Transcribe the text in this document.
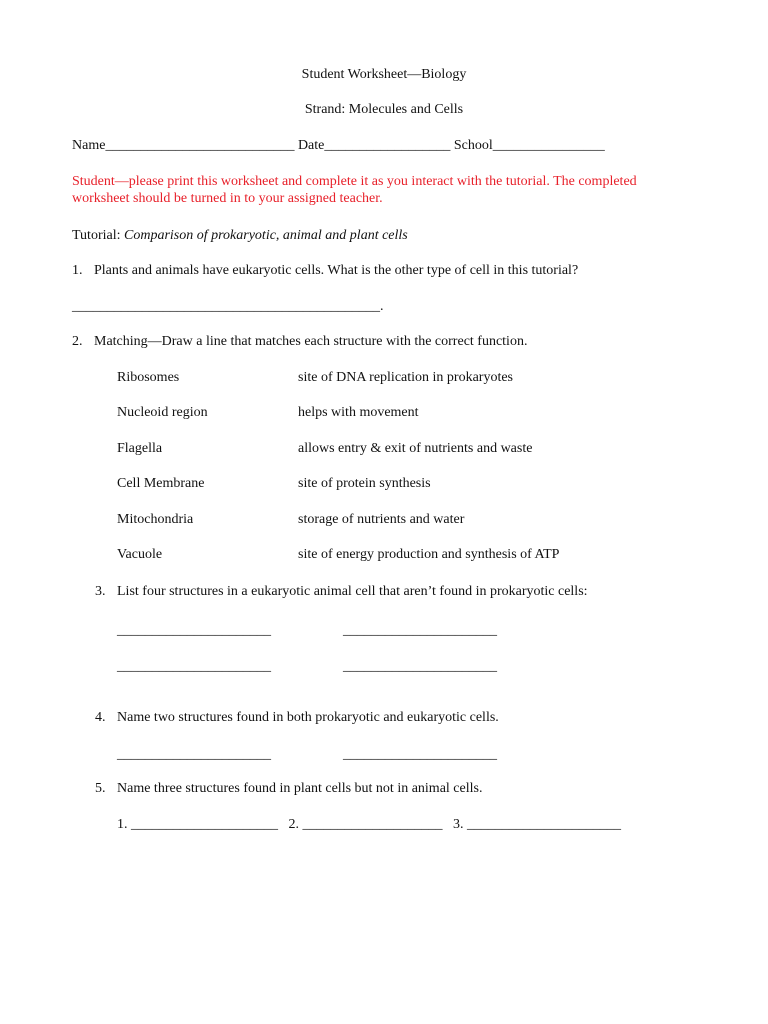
Student Worksheet—Biology
Strand: Molecules and Cells
Name___________________________ Date__________________ School________________
Student—please print this worksheet and complete it as you interact with the tutorial. The completed
worksheet should be turned in to your assigned teacher.
Tutorial: Comparison of prokaryotic, animal and plant cells
1. Plants and animals have eukaryotic cells. What is the other type of cell in this tutorial?
____________________________________________.
2. Matching—Draw a line that matches each structure with the correct function.
Ribosomes	site of DNA replication in prokaryotes
Nucleoid region	helps with movement
Flagella	allows entry & exit of nutrients and waste
Cell Membrane	site of protein synthesis
Mitochondria	storage of nutrients and water
Vacuole	site of energy production and synthesis of ATP
3. List four structures in a eukaryotic animal cell that aren’t found in prokaryotic cells:
______________________	______________________
______________________	______________________
4. Name two structures found in both prokaryotic and eukaryotic cells.
______________________	______________________
5. Name three structures found in plant cells but not in animal cells.
1. _____________________ 2. ____________________ 3. ______________________
